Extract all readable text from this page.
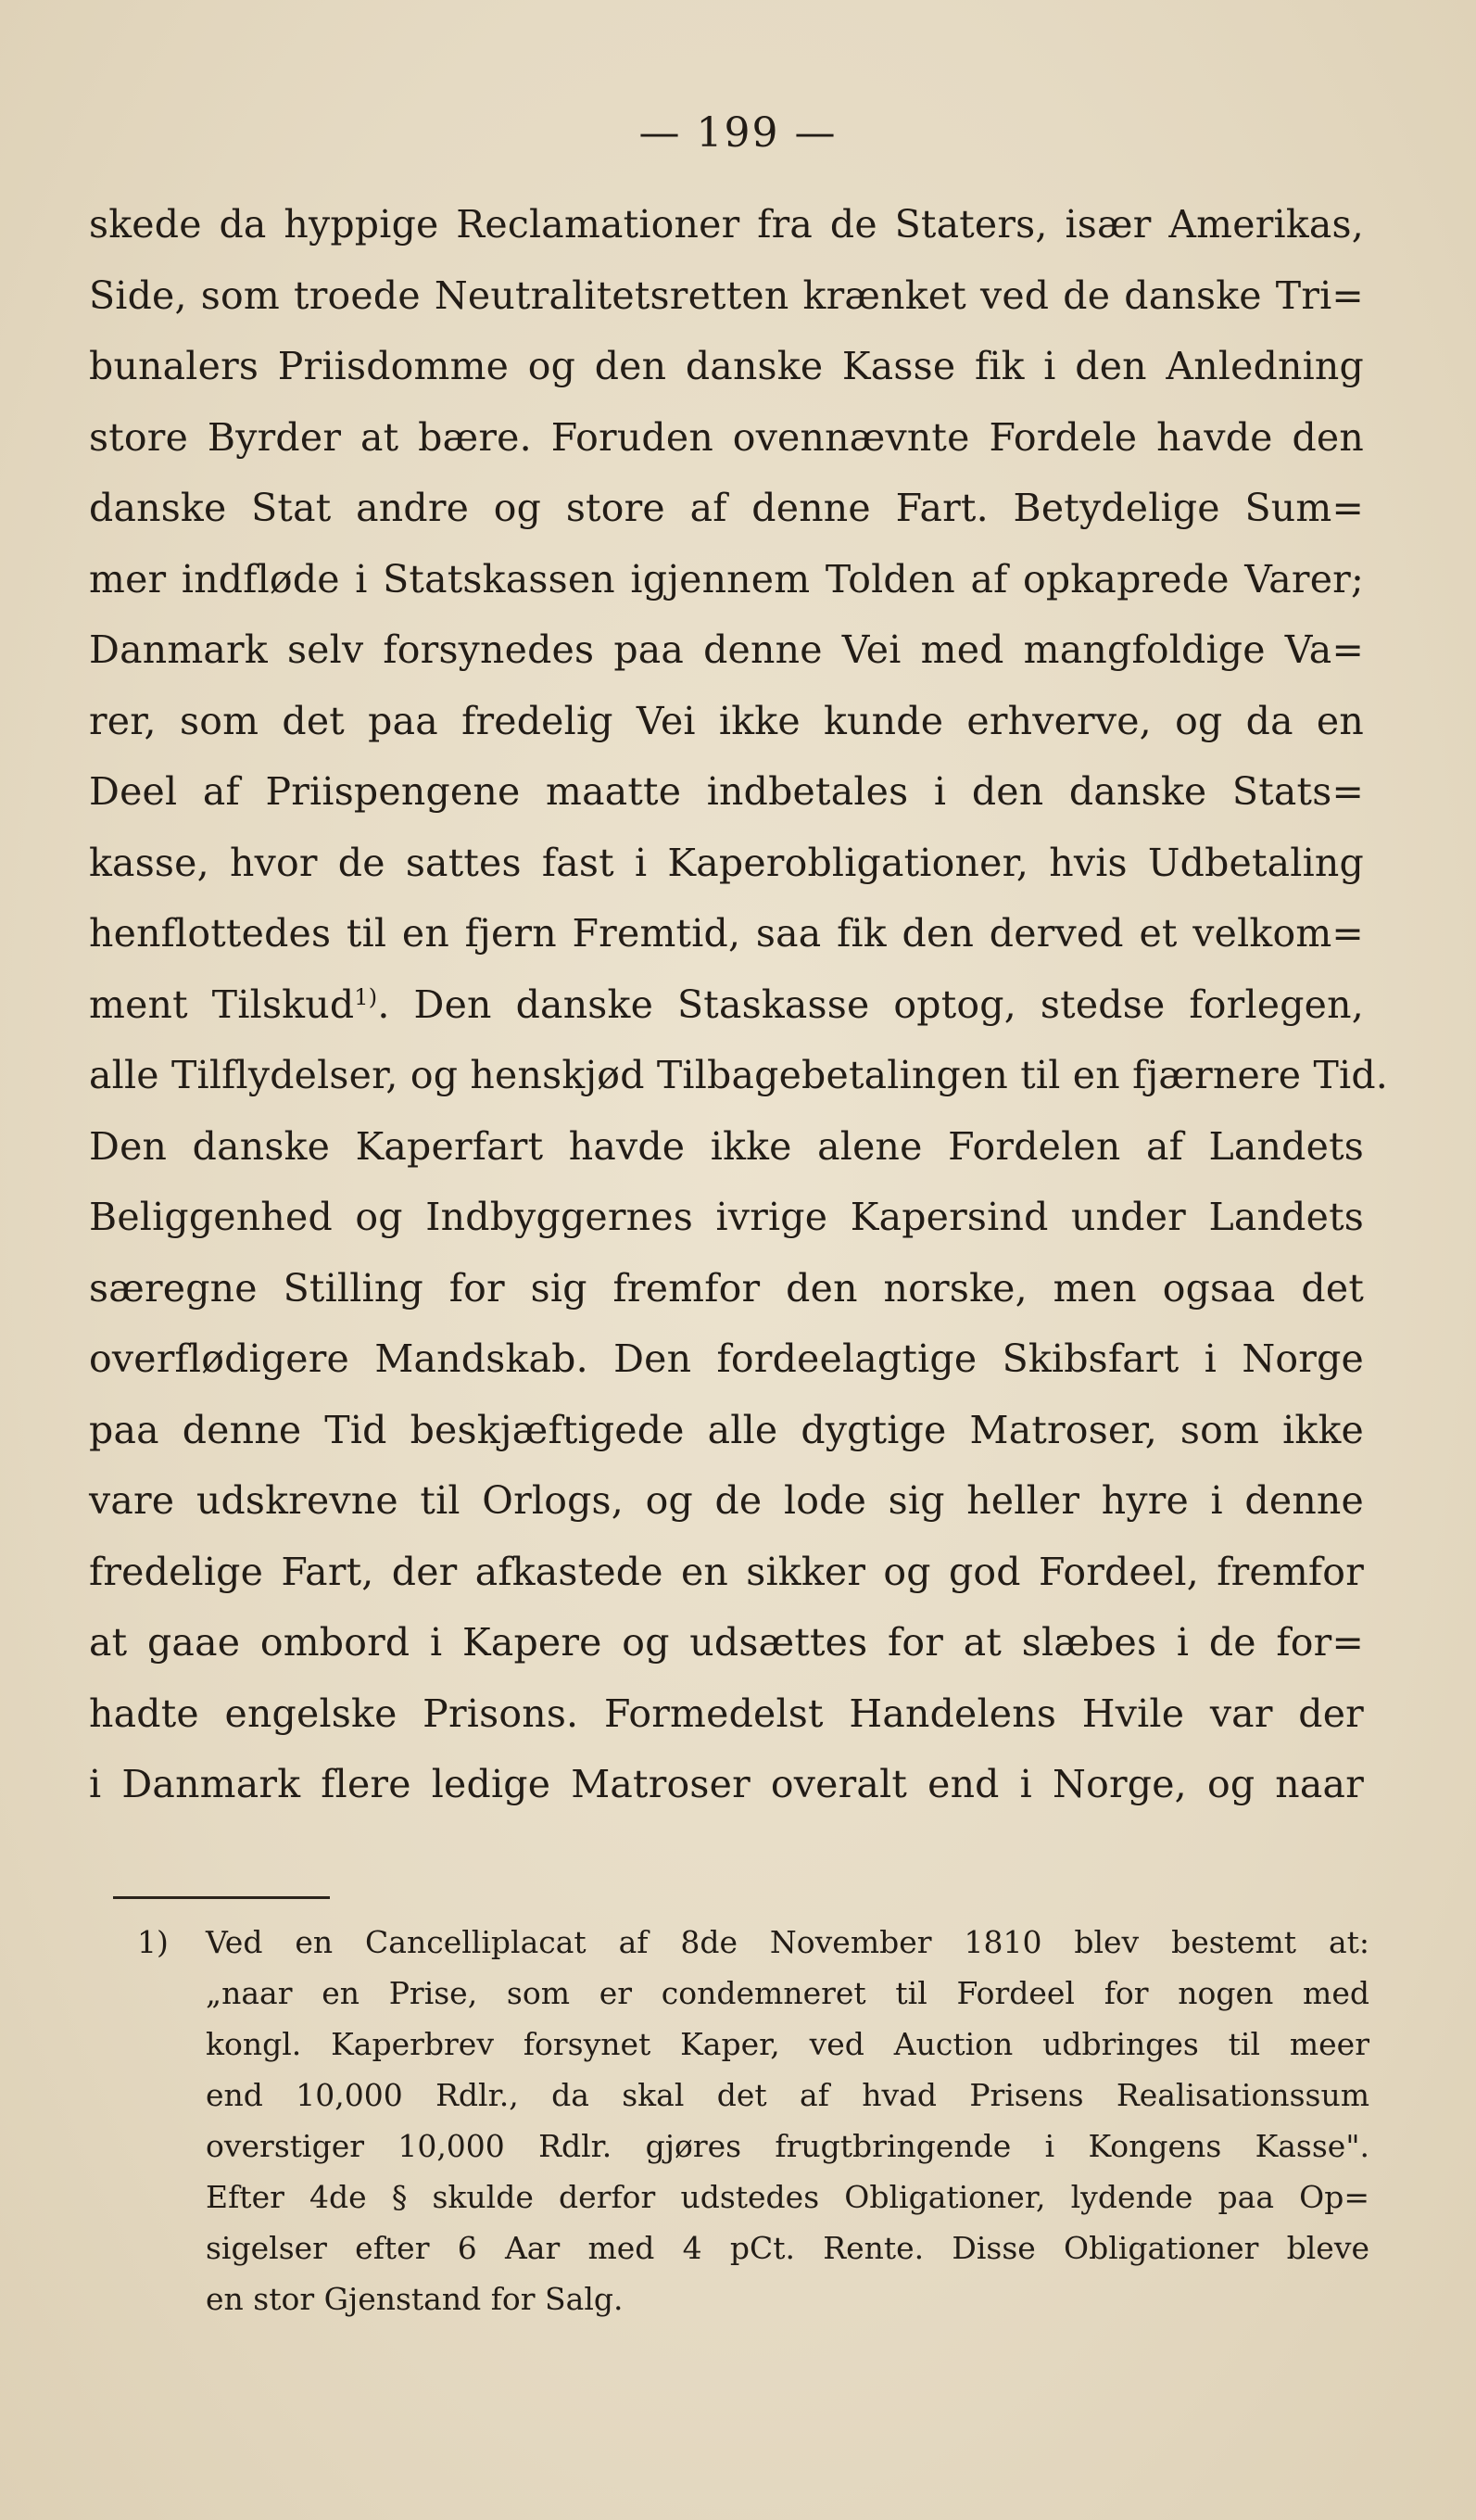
— 199 —
skede da hyppige Reclamationer fra de Staters, især Amerikas,
Side, som troede Neutralitetsretten krænket ved de danske Tri=
bunalers Priisdomme og den danske Kasse fik i den Anledning
store Byrder at bære. Foruden ovennævnte Fordele havde den
danske Stat andre og store af denne Fart. Betydelige Sum=
mer indfløde i Statskassen igjennem Tolden af opkaprede Varer;
Danmark selv forsynedes paa denne Vei med mangfoldige Va=
rer, som det paa fredelig Vei ikke kunde erhverve, og da en
Deel af Priispengene maatte indbetales i den danske Stats=
kasse, hvor de sattes fast i Kaperobligationer, hvis Udbetaling
henflottedes til en fjern Fremtid, saa fik den derved et velkom=
ment Tilskud$^{1)}$. Den danske Staskasse optog, stedse forlegen,
alle Tilflydelser, og henskjød Tilbagebetalingen til en fjærnere Tid.
Den danske Kaperfart havde ikke alene Fordelen af Landets
Beliggenhed og Indbyggernes ivrige Kapersind under Landets
særegne Stilling for sig fremfor den norske, men ogsaa det
overflødigere Mandskab. Den fordeelagtige Skibsfart i Norge
paa denne Tid beskjæftigede alle dygtige Matroser, som ikke
vare udskrevne til Orlogs, og de lode sig heller hyre i denne
fredelige Fart, der afkastede en sikker og god Fordeel, fremfor
at gaae ombord i Kapere og udsættes for at slæbes i de for=
hadte engelske Prisons. Formedelst Handelens Hvile var der
i Danmark flere ledige Matroser overalt end i Norge, og naar
1) Ved en Cancelliplacat af 8de November 1810 blev bestemt at:
„naar en Prise, som er condemneret til Fordeel for nogen med
kongl. Kaperbrev forsynet Kaper, ved Auction udbringes til meer
end 10,000 Rdlr., da skal det af hvad Prisens Realisationssum
overstiger 10,000 Rdlr. gjøres frugtbringende i Kongens Kasse".
Efter 4de § skulde derfor udstedes Obligationer, lydende paa Op=
sigelser efter 6 Aar med 4 pCt. Rente. Disse Obligationer bleve
en stor Gjenstand for Salg.
